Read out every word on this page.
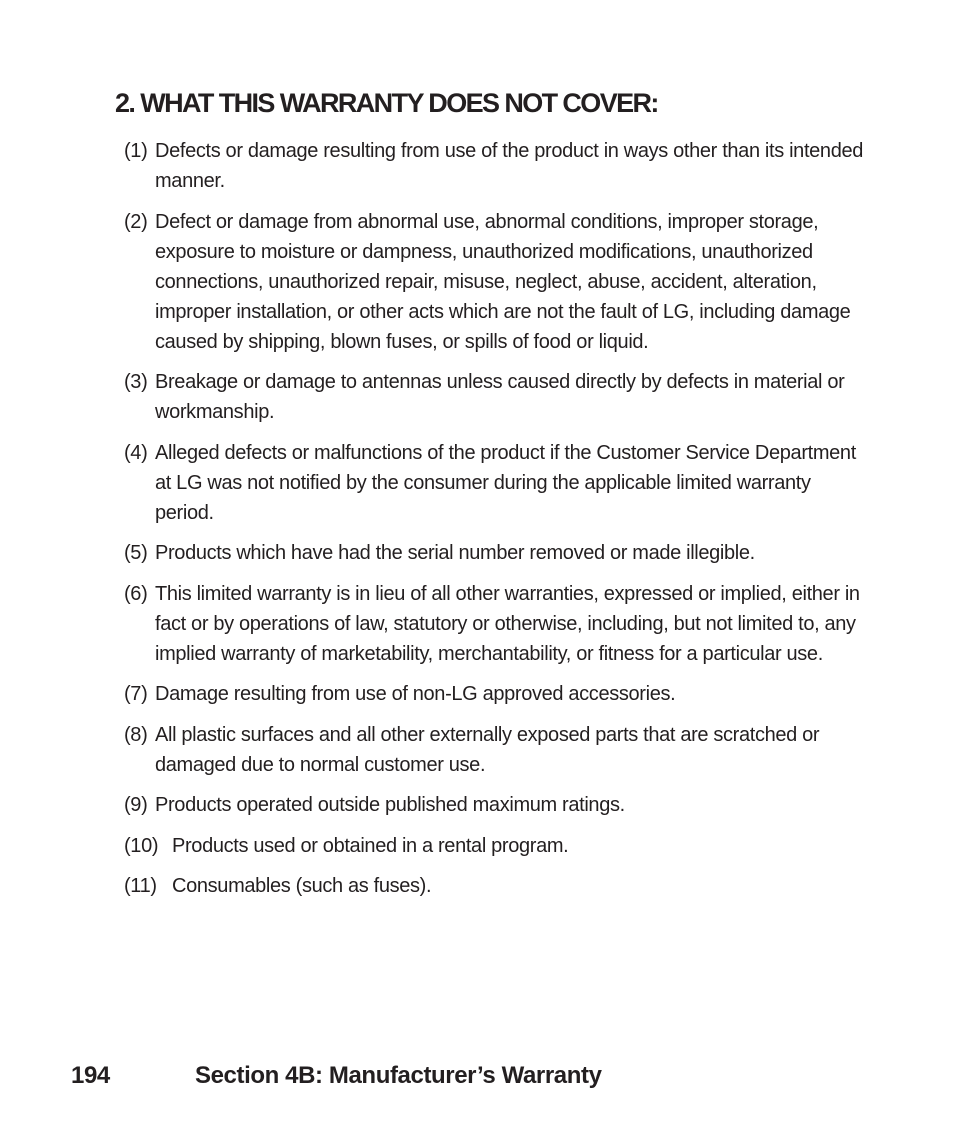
2. WHAT THIS WARRANTY DOES NOT COVER:
(1) Defects or damage resulting from use of the product in ways other than its intended manner.
(2) Defect or damage from abnormal use, abnormal conditions, improper storage, exposure to moisture or dampness, unauthorized modifications, unauthorized connections, unauthorized repair, misuse, neglect, abuse, accident, alteration, improper installation, or other acts which are not the fault of LG, including damage caused by shipping, blown fuses, or spills of food or liquid.
(3) Breakage or damage to antennas unless caused directly by defects in material or workmanship.
(4) Alleged defects or malfunctions of the product if the Customer Service Department at LG was not notified by the consumer during the applicable limited warranty period.
(5) Products which have had the serial number removed or made illegible.
(6) This limited warranty is in lieu of all other warranties, expressed or implied, either in fact or by operations of law, statutory or otherwise, including, but not limited to, any implied warranty of marketability, merchantability, or fitness for a particular use.
(7) Damage resulting from use of non-LG approved accessories.
(8) All plastic surfaces and all other externally exposed parts that are scratched or damaged due to normal customer use.
(9) Products operated outside published maximum ratings.
(10) Products used or obtained in a rental program.
(11) Consumables (such as fuses).
194	Section 4B: Manufacturer’s Warranty
